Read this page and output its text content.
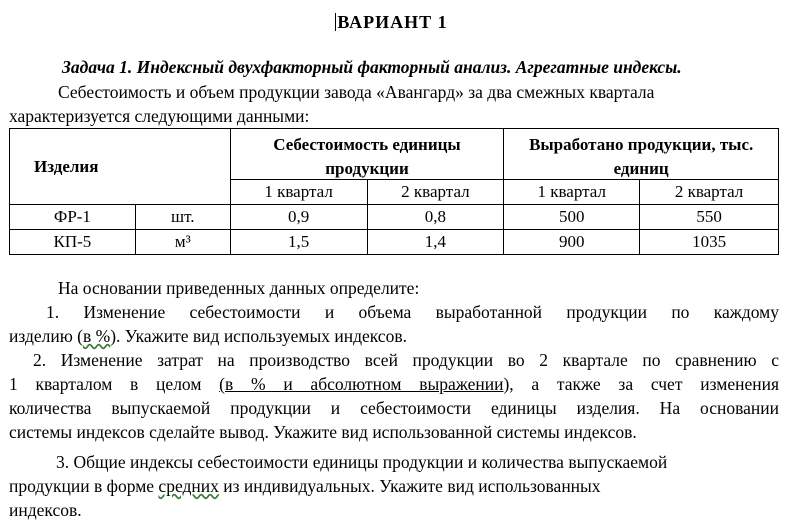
ВАРИАНТ 1
Задача 1. Индексный двухфакторный факторный анализ. Агрегатные индексы.
Себестоимость и объем продукции завода «Авангард» за два смежных квартала
характеризуется следующими данными:
Изделия		Себестоимость единицы продукции		Выработано продукции, тыс. единиц	

		1 квартал	2 квартал	1 квартал	2 квартал
ФР-1	шт.	0,9	0,8	500	550
КП-5	м³	1,5	1,4	900	1035
На основании приведенных данных определите:
1. Изменение себестоимости и объема выработанной продукции по каждому
изделию (в %). Укажите вид используемых индексов.
2. Изменение затрат на производство всей продукции во 2 квартале по сравнению с
1 кварталом в целом (в % и абсолютном выражении), а также за счет изменения
количества выпускаемой продукции и себестоимости единицы изделия. На основании
системы индексов сделайте вывод. Укажите вид использованной системы индексов.
3. Общие индексы себестоимости единицы продукции и количества выпускаемой
продукции в форме средних из индивидуальных. Укажите вид использованных
индексов.
